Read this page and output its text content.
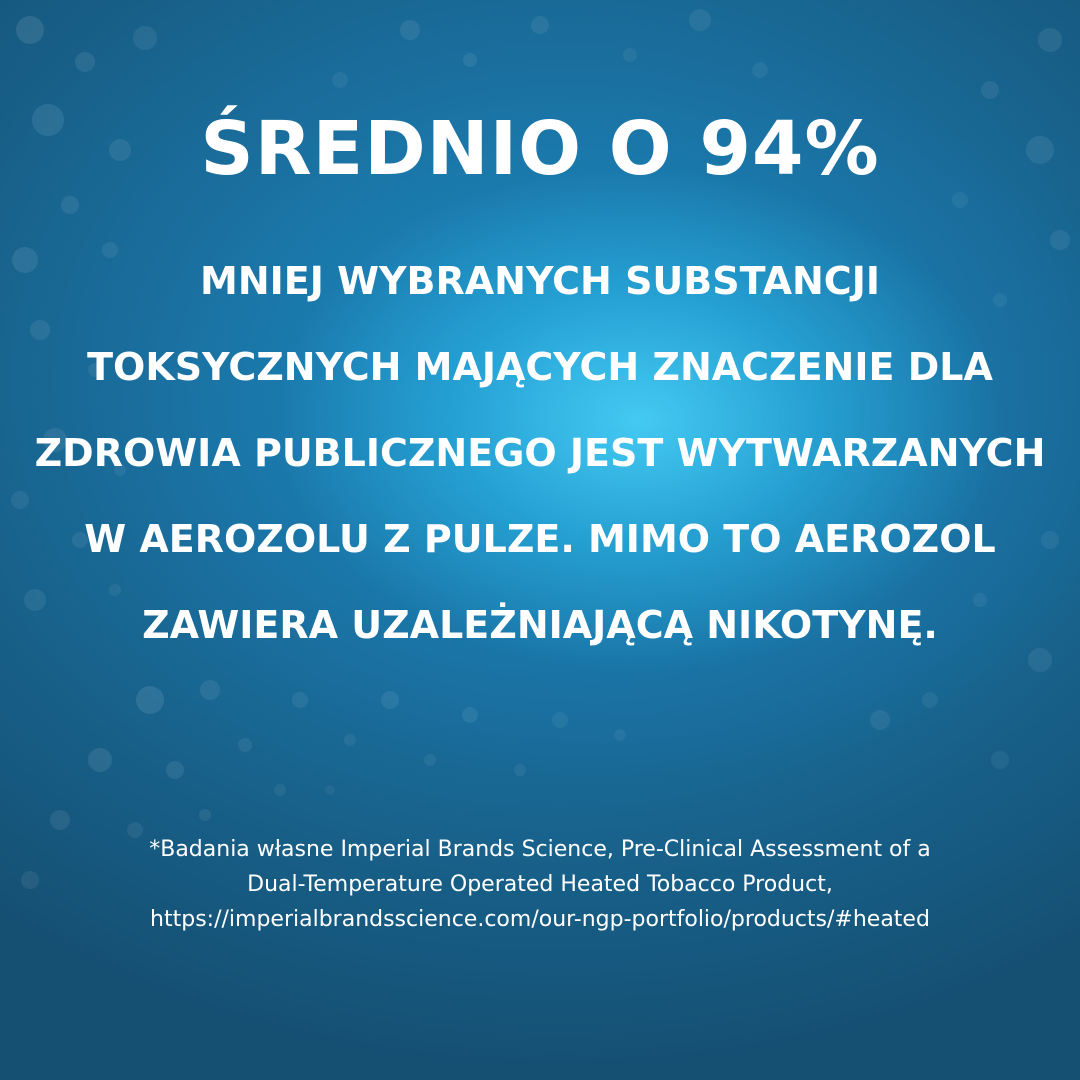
ŚREDNIO O 94%
MNIEJ WYBRANYCH SUBSTANCJI
TOKSYCZNYCH MAJĄCYCH ZNACZENIE DLA
ZDROWIA PUBLICZNEGO JEST WYTWARZANYCH
W AEROZOLU Z PULZE. MIMO TO AEROZOL
ZAWIERA UZALEŻNIAJĄCĄ NIKOTYNĘ.
*Badania własne Imperial Brands Science, Pre-Clinical Assessment of a
Dual-Temperature Operated Heated Tobacco Product,
https://imperialbrandsscience.com/our-ngp-portfolio/products/#heated
